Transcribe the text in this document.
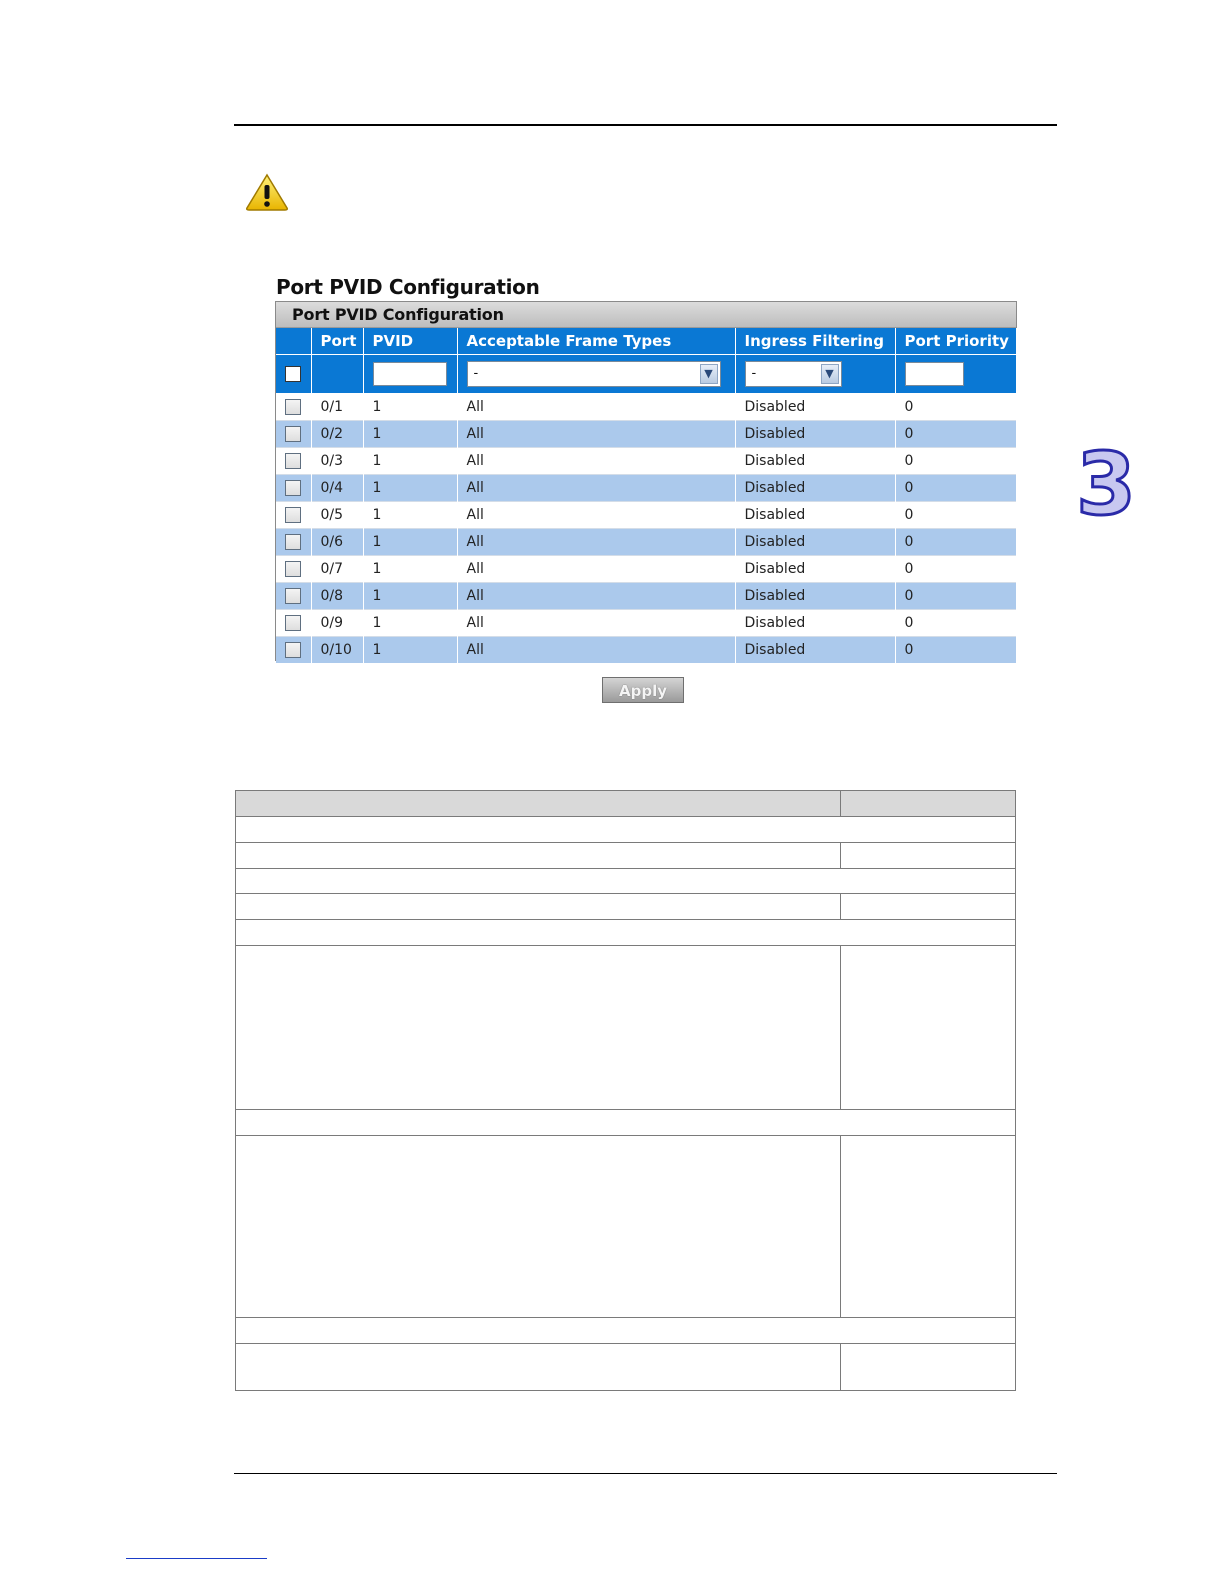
3
Port PVID Configuration
Port PVID Configuration
	Port	PVID	Acceptable Frame Types	Ingress Filtering	Port Priority
			- ▼	- ▼	

	0/1	1	All	Disabled	0
	0/2	1	All	Disabled	0
	0/3	1	All	Disabled	0
	0/4	1	All	Disabled	0
	0/5	1	All	Disabled	0
	0/6	1	All	Disabled	0
	0/7	1	All	Disabled	0
	0/8	1	All	Disabled	0
	0/9	1	All	Disabled	0
	0/10	1	All	Disabled	0
Apply
